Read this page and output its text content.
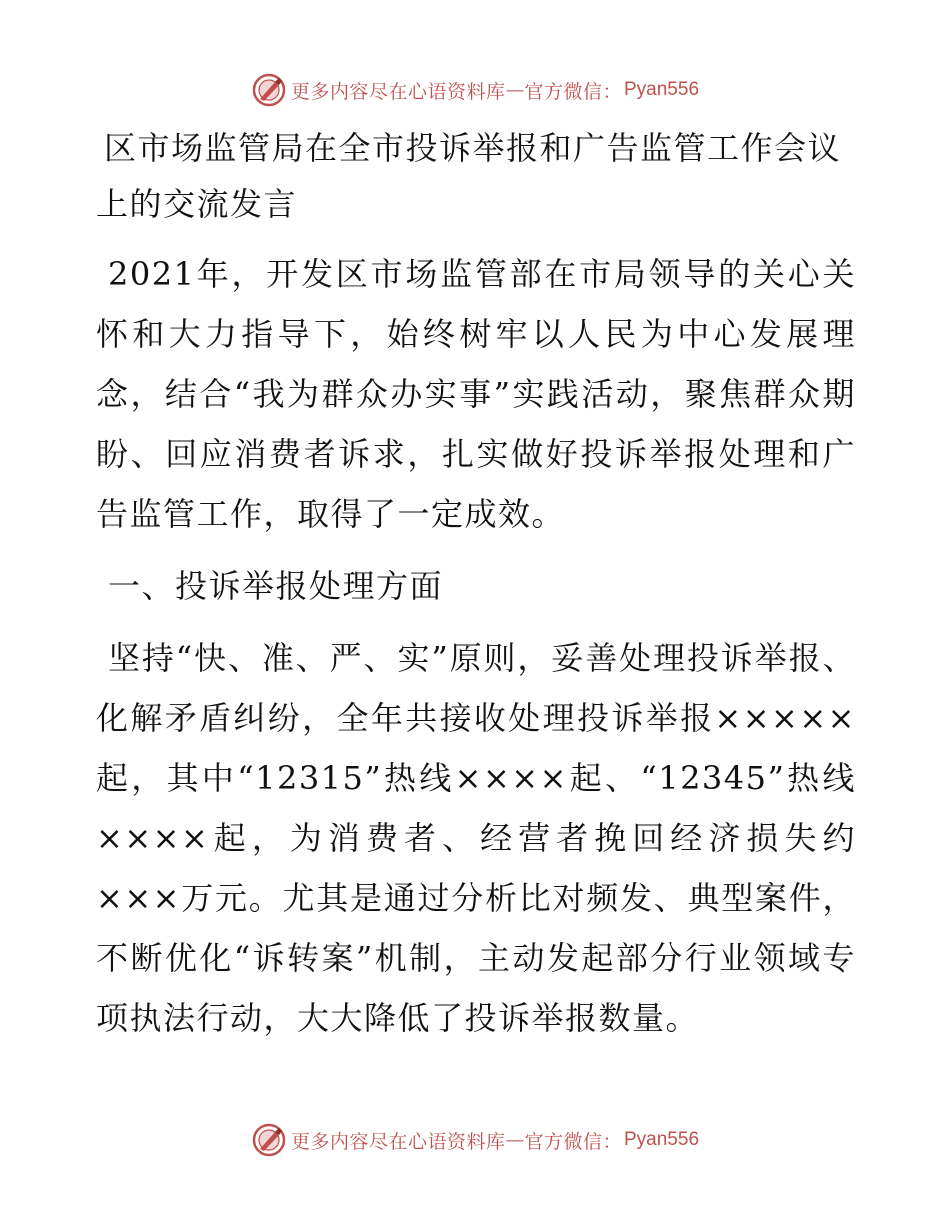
更多内容尽在心语资料库 — 官方微信： Pyan556
区市场监管局在全市投诉举报和广告监管工作会议上的交流发言

2021年，开发区市场监管部在市局领导的关心关怀和大力指导下，始终树牢以人民为中心发展理念，结合“我为群众办实事”实践活动，聚焦群众期盼、回应消费者诉求，扎实做好投诉举报处理和广告监管工作，取得了一定成效。

一、投诉举报处理方面

坚持“快、准、严、实”原则，妥善处理投诉举报、化解矛盾纠纷，全年共接收处理投诉举报×××××起，其中“12315”热线××××起、“12345”热线××××起，为消费者、经营者挽回经济损失约×××万元。尤其是通过分析比对频发、典型案件，不断优化“诉转案”机制，主动发起部分行业领域专项执法行动，大大降低了投诉举报数量。

更多内容尽在心语资料库 — 官方微信： Pyan556
